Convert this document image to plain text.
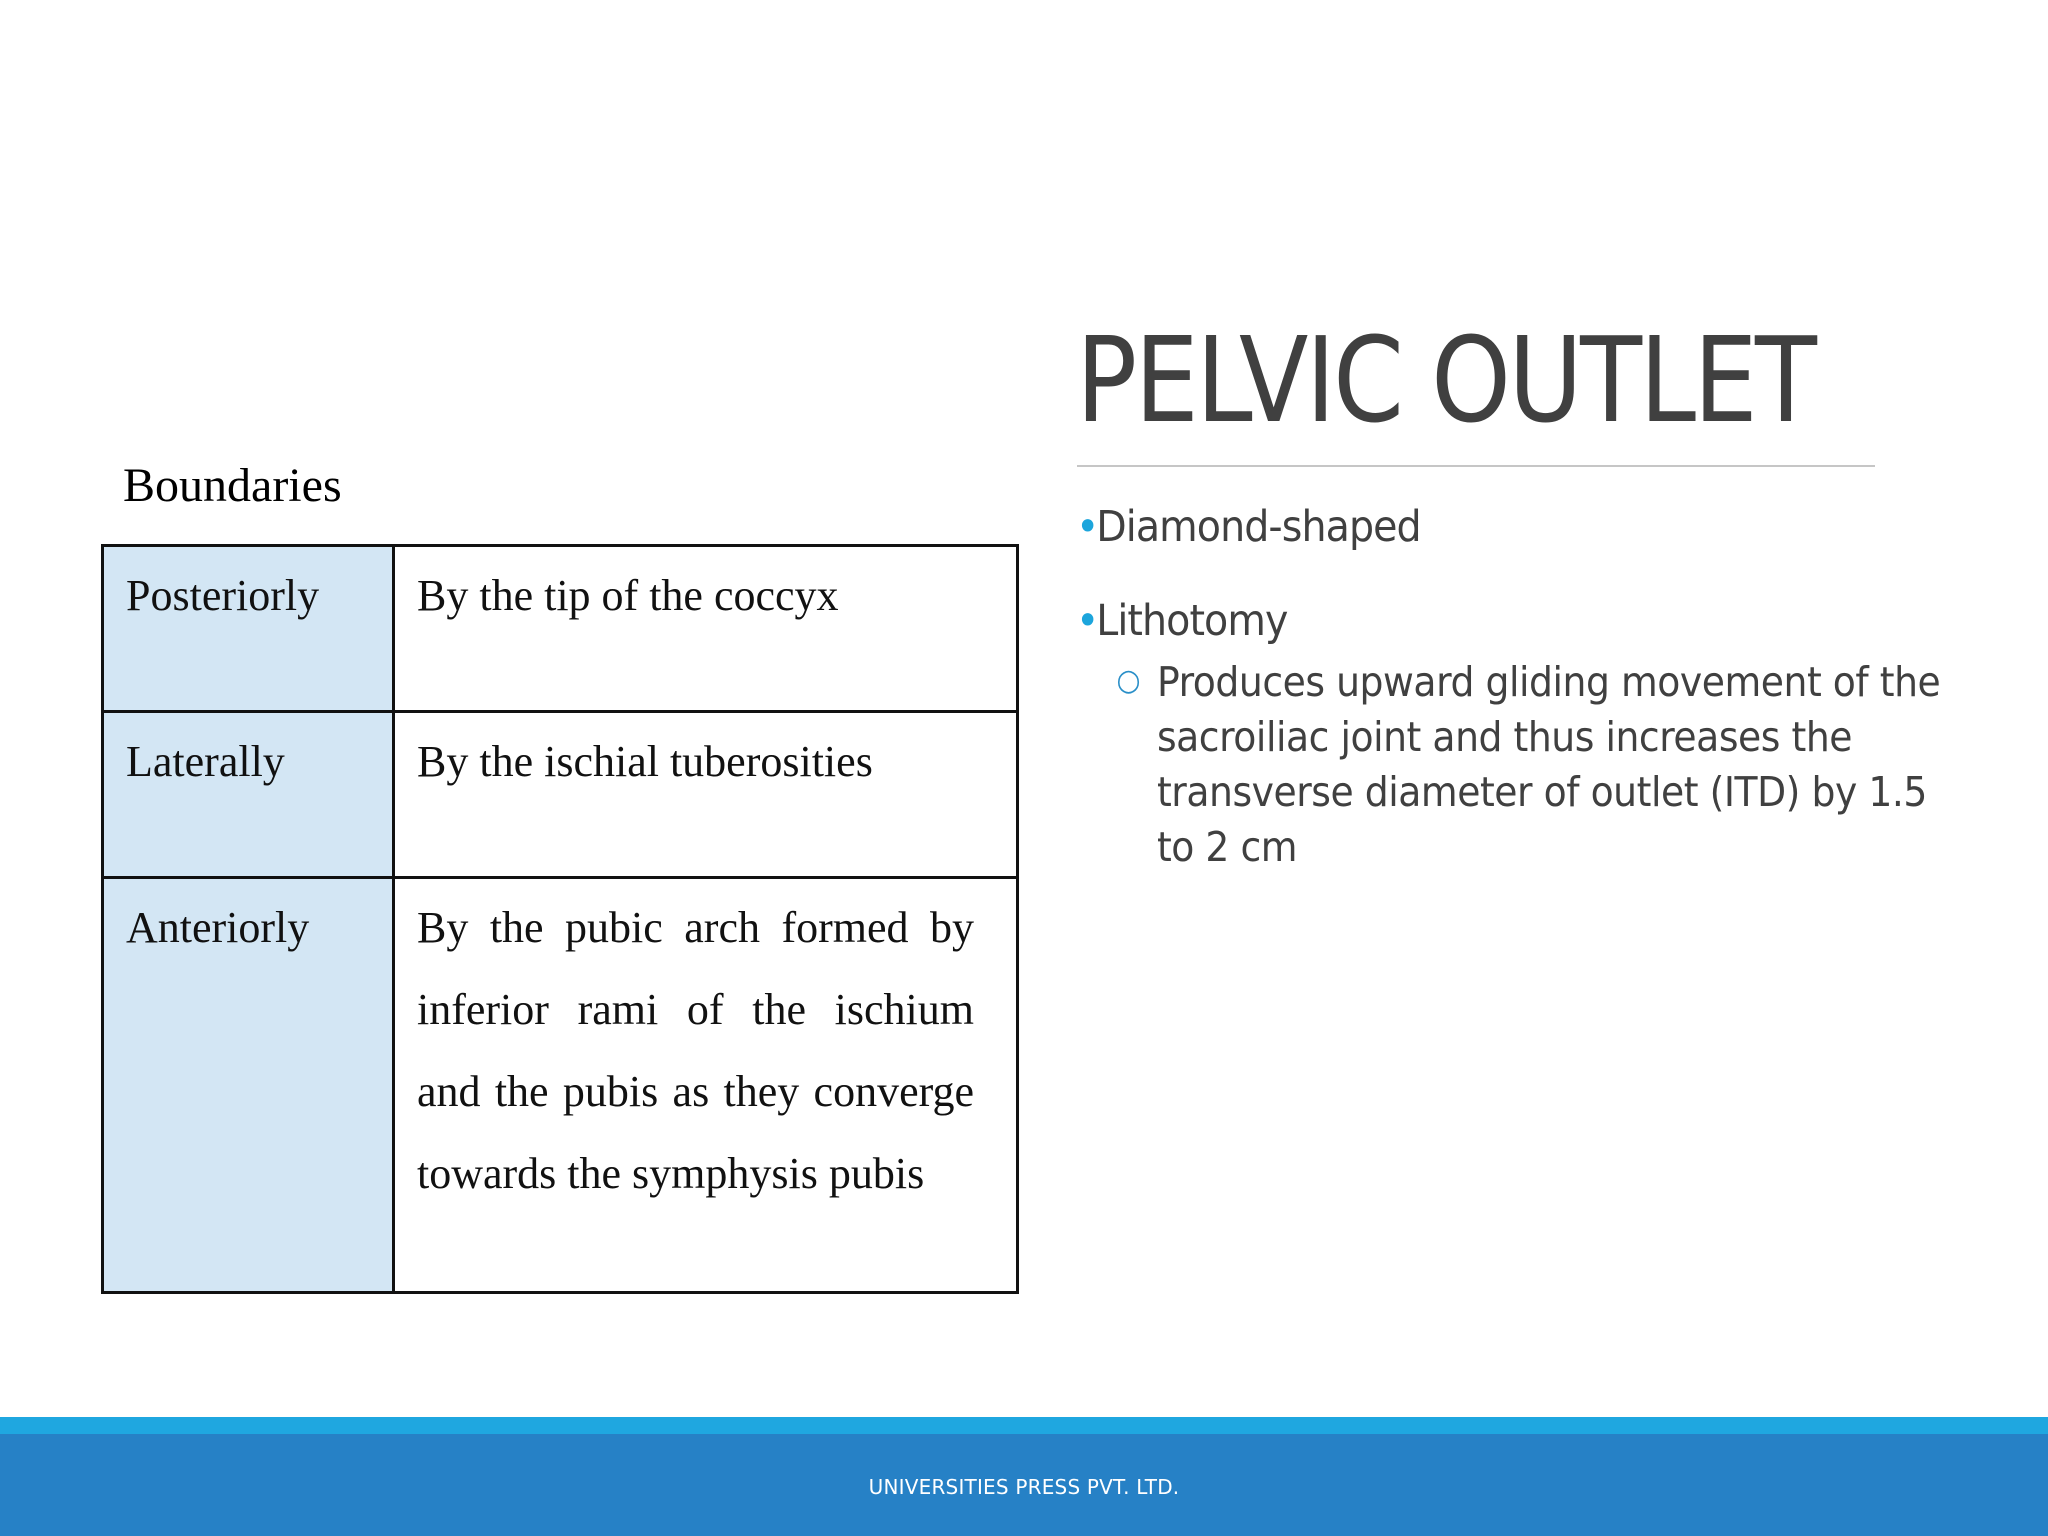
PELVIC OUTLET
•
Diamond-shaped
•
Lithotomy
○ Produces upward gliding movement of the sacroiliac joint and thus increases the transverse diameter of outlet (ITD) by 1.5 to 2 cm
Boundaries
Posteriorly	By the tip of the coccyx

Laterally	By the ischial tuberosities

Anteriorly	By the pubic arch formed by inferior rami of the ischium and the pubis as they converge towards the symphysis pubis
UNIVERSITIES PRESS PVT. LTD.
